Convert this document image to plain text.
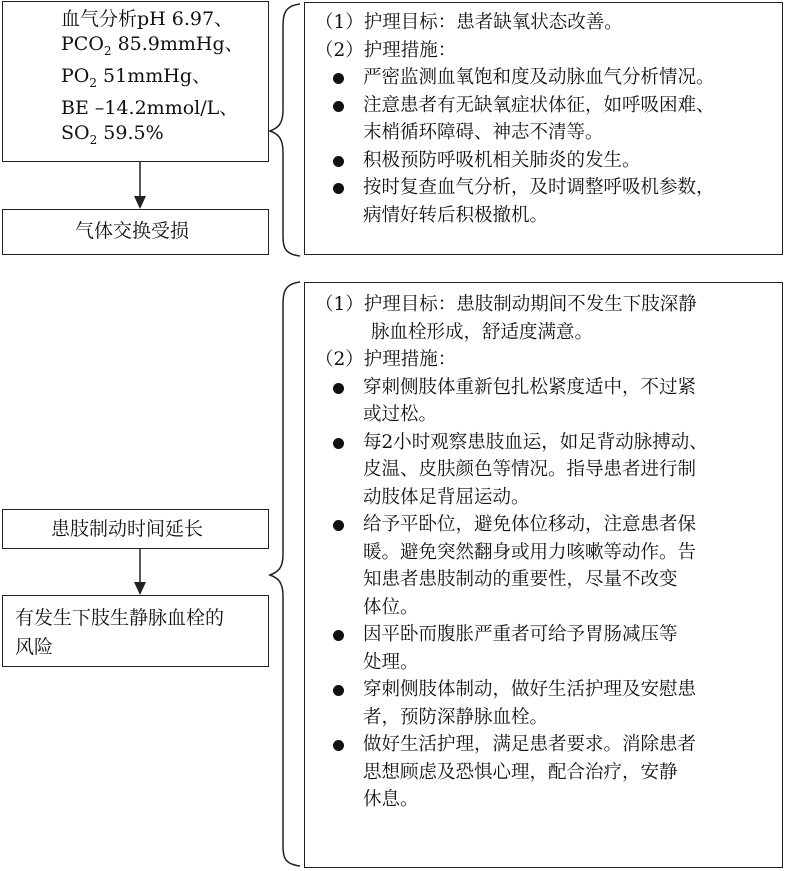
血气分析pH 6.97、
$PCO_2$ 85.9mmHg、
$PO_2$ 51mmHg、
BE –14.2mmol/L、
$SO_2$ 59.5%
气体交换受损
（1）护理目标：患者缺氧状态改善。
（2）护理措施：
严密监测血氧饱和度及动脉血气分析情况。
注意患者有无缺氧症状体征，如呼吸困难、
末梢循环障碍、神志不清等。
积极预防呼吸机相关肺炎的发生。
按时复查血气分析，及时调整呼吸机参数，
病情好转后积极撤机。
患肢制动时间延长
有发生下肢生静脉血栓的
风险
（1）护理目标：患肢制动期间不发生下肢深静
脉血栓形成，舒适度满意。
（2）护理措施：
穿刺侧肢体重新包扎松紧度适中，不过紧
或过松。
每2小时观察患肢血运，如足背动脉搏动、
皮温、皮肤颜色等情况。指导患者进行制
动肢体足背屈运动。
给予平卧位，避免体位移动，注意患者保
暖。避免突然翻身或用力咳嗽等动作。告
知患者患肢制动的重要性，尽量不改变
体位。
因平卧而腹胀严重者可给予胃肠减压等
处理。
穿刺侧肢体制动，做好生活护理及安慰患
者，预防深静脉血栓。
做好生活护理，满足患者要求。消除患者
思想顾虑及恐惧心理，配合治疗，安静
休息。
